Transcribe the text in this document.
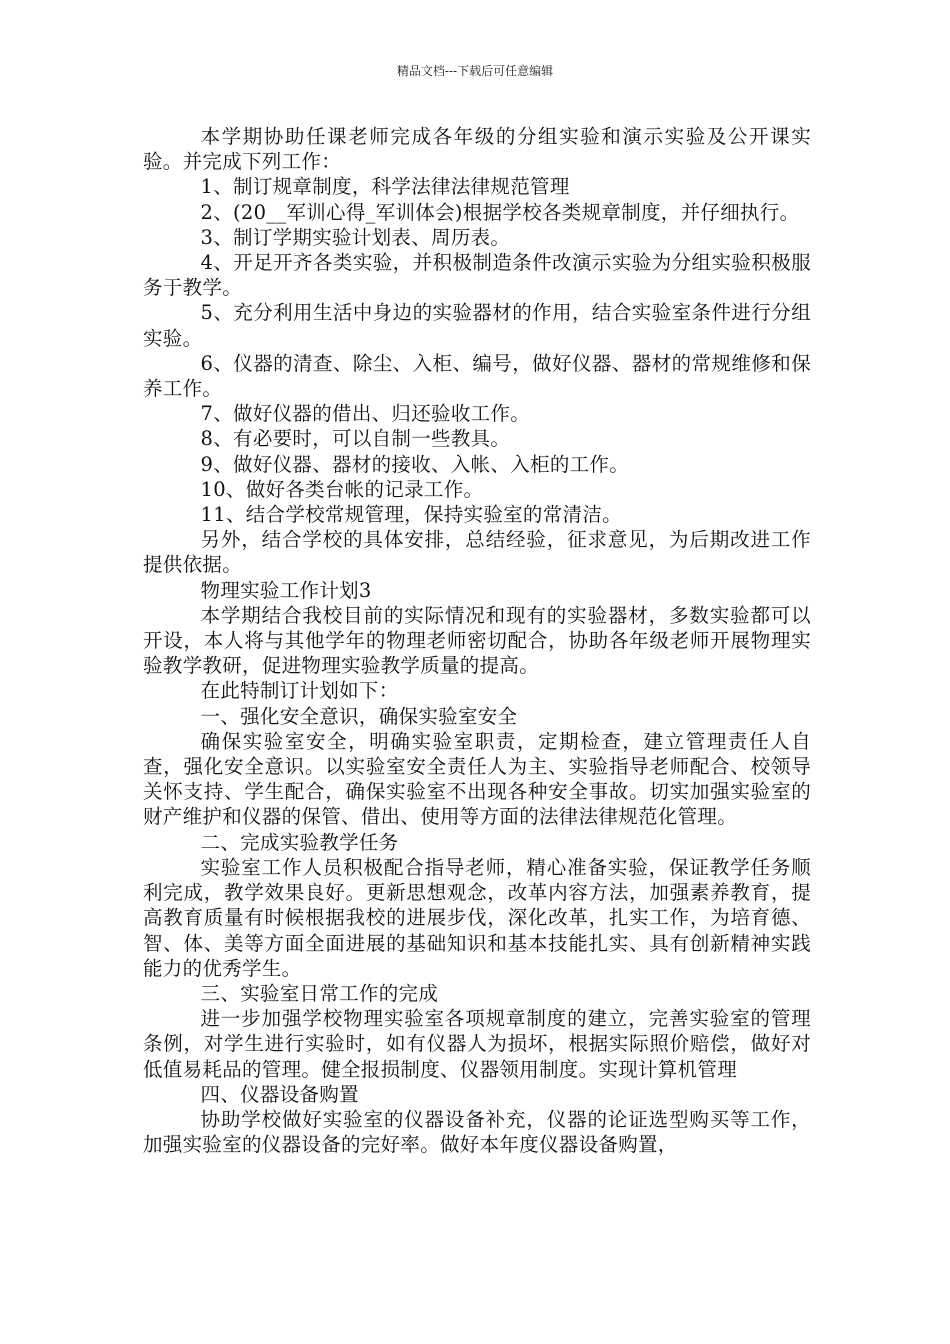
精品文档---下载后可任意编辑

本学期协助任课老师完成各年级的分组实验和演示实验及公开课实验。并完成下列工作：

1、制订规章制度，科学法律法律规范管理

2、(20__军训心得_军训体会)根据学校各类规章制度，并仔细执行。

3、制订学期实验计划表、周历表。

4、开足开齐各类实验，并积极制造条件改演示实验为分组实验积极服务于教学。

5、充分利用生活中身边的实验器材的作用，结合实验室条件进行分组实验。

6、仪器的清查、除尘、入柜、编号，做好仪器、器材的常规维修和保养工作。

7、做好仪器的借出、归还验收工作。

8、有必要时，可以自制一些教具。

9、做好仪器、器材的接收、入帐、入柜的工作。

10、做好各类台帐的记录工作。

11、结合学校常规管理，保持实验室的常清洁。

另外，结合学校的具体安排，总结经验，征求意见，为后期改进工作提供依据。

物理实验工作计划3

本学期结合我校目前的实际情况和现有的实验器材，多数实验都可以开设，本人将与其他学年的物理老师密切配合，协助各年级老师开展物理实验教学教研，促进物理实验教学质量的提高。

在此特制订计划如下：

一、强化安全意识，确保实验室安全

确保实验室安全，明确实验室职责，定期检查，建立管理责任人自查，强化安全意识。以实验室安全责任人为主、实验指导老师配合、校领导关怀支持、学生配合，确保实验室不出现各种安全事故。切实加强实验室的财产维护和仪器的保管、借出、使用等方面的法律法律规范化管理。

二、完成实验教学任务

实验室工作人员积极配合指导老师，精心准备实验，保证教学任务顺利完成，教学效果良好。更新思想观念，改革内容方法，加强素养教育，提高教育质量有时候根据我校的进展步伐，深化改革，扎实工作，为培育德、智、体、美等方面全面进展的基础知识和基本技能扎实、具有创新精神实践能力的优秀学生。

三、实验室日常工作的完成

进一步加强学校物理实验室各项规章制度的建立，完善实验室的管理条例，对学生进行实验时，如有仪器人为损坏，根据实际照价赔偿，做好对低值易耗品的管理。健全报损制度、仪器领用制度。实现计算机管理

四、仪器设备购置

协助学校做好实验室的仪器设备补充，仪器的论证选型购买等工作，加强实验室的仪器设备的完好率。做好本年度仪器设备购置，
